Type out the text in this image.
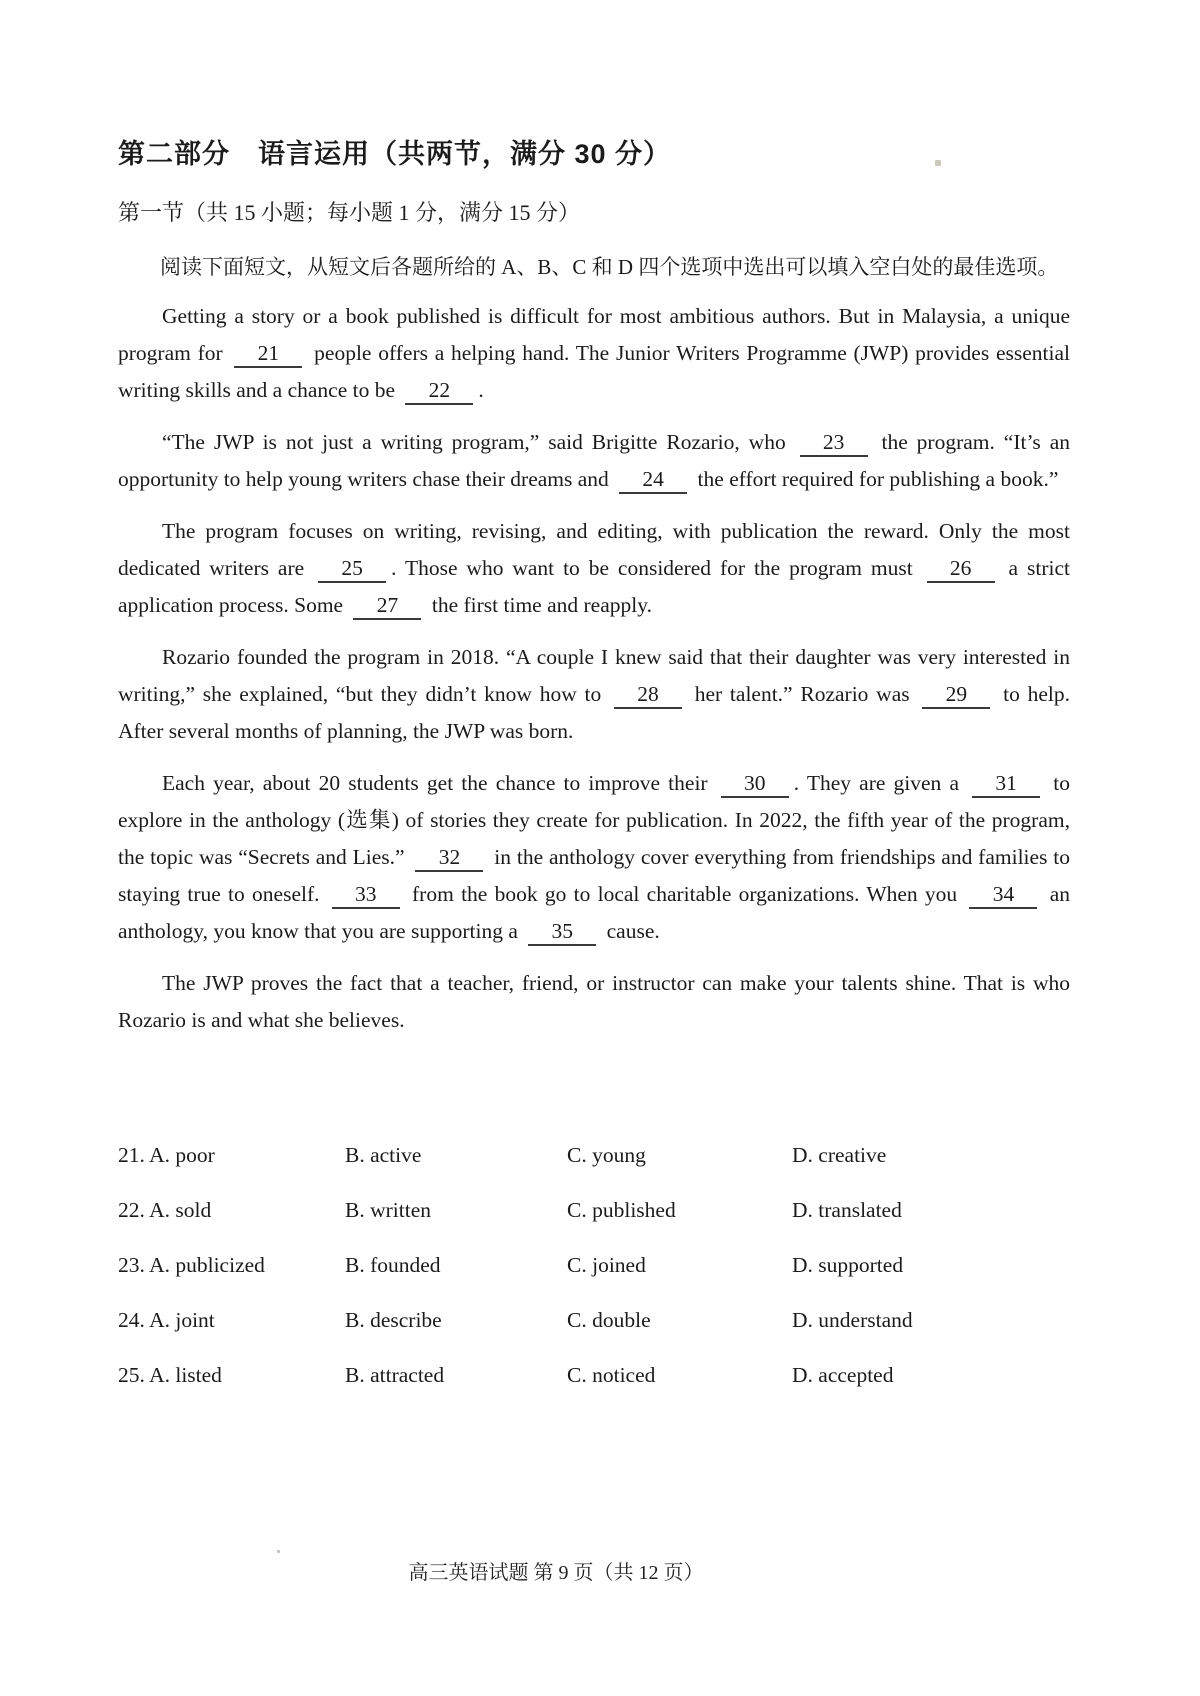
第二部分　语言运用（共两节，满分 30 分）
第一节（共 15 小题；每小题 1 分，满分 15 分）

阅读下面短文，从短文后各题所给的 A、B、C 和 D 四个选项中选出可以填入空白处的最佳选项。

Getting a story or a book published is difficult for most ambitious authors. But in Malaysia, a unique program for 21 people offers a helping hand. The Junior Writers Programme (JWP) provides essential writing skills and a chance to be 22 .

“The JWP is not just a writing program,” said Brigitte Rozario, who 23 the program. “It’s an opportunity to help young writers chase their dreams and 24 the effort required for publishing a book.”

The program focuses on writing, revising, and editing, with publication the reward. Only the most dedicated writers are 25 . Those who want to be considered for the program must 26 a strict application process. Some 27 the first time and reapply.

Rozario founded the program in 2018. “A couple I knew said that their daughter was very interested in writing,” she explained, “but they didn’t know how to 28 her talent.” Rozario was 29 to help. After several months of planning, the JWP was born.

Each year, about 20 students get the chance to improve their 30 . They are given a 31 to explore in the anthology (选集) of stories they create for publication. In 2022, the fifth year of the program, the topic was “Secrets and Lies.” 32 in the anthology cover everything from friendships and families to staying true to oneself. 33 from the book go to local charitable organizations. When you 34 an anthology, you know that you are supporting a 35 cause.

The JWP proves the fact that a teacher, friend, or instructor can make your talents shine. That is who Rozario is and what she believes.

21. A. poor	B. active	C. young	D. creative
22. A. sold	B. written	C. published	D. translated
23. A. publicized	B. founded	C. joined	D. supported
24. A. joint	B. describe	C. double	D. understand
25. A. listed	B. attracted	C. noticed	D. accepted
高三英语试题 第 9 页（共 12 页）
